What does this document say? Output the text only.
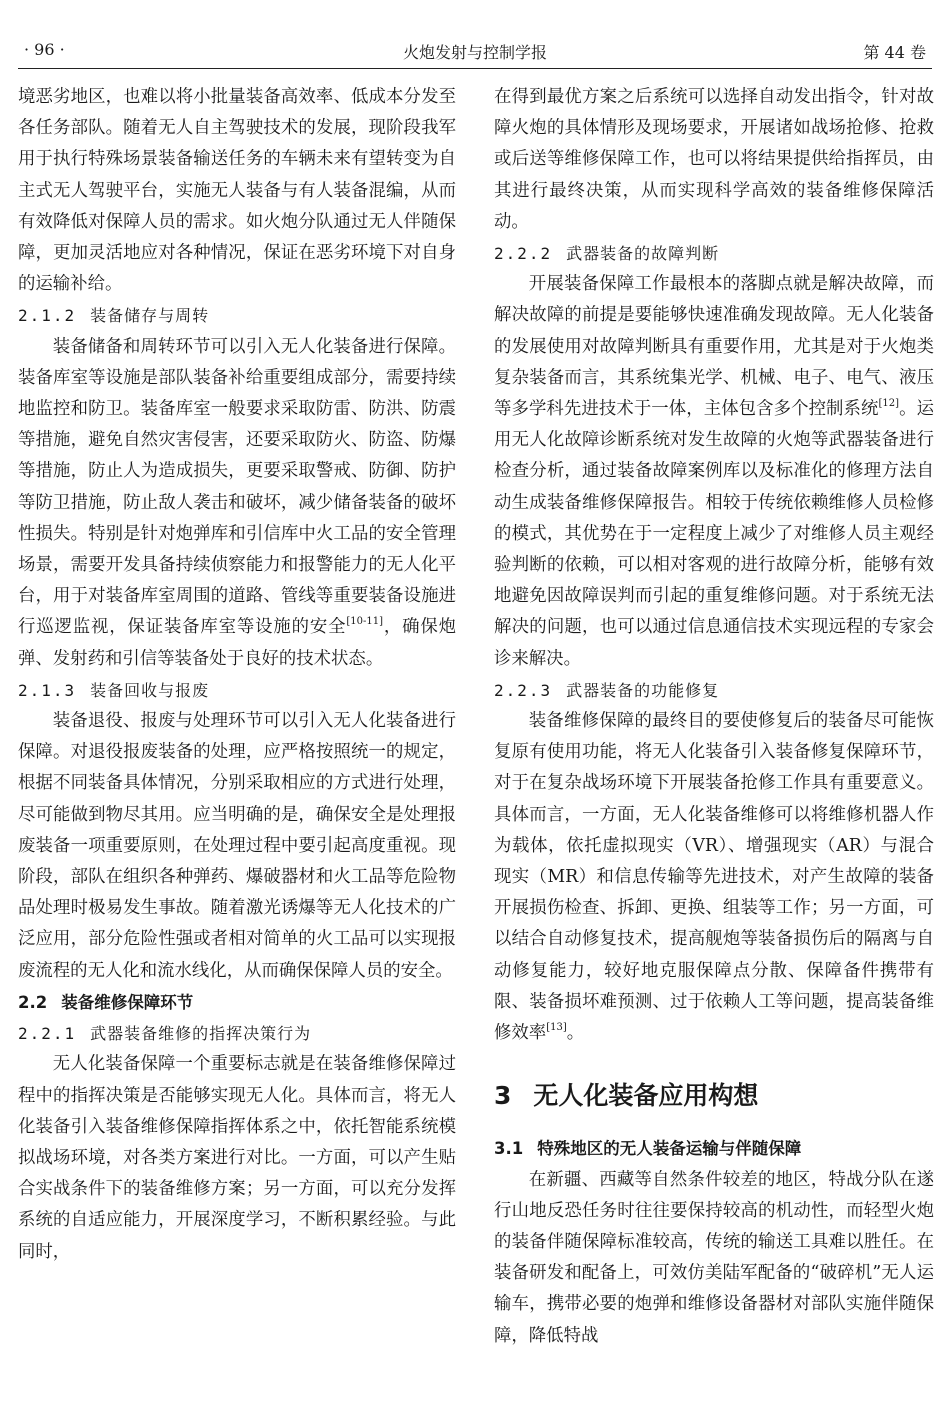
· 96 ·	火炮发射与控制学报	第 44 卷

境恶劣地区，也难以将小批量装备高效率、低成本分发至各任务部队。随着无人自主驾驶技术的发展，现阶段我军用于执行特殊场景装备输送任务的车辆未来有望转变为自主式无人驾驶平台，实施无人装备与有人装备混编，从而有效降低对保障人员的需求。如火炮分队通过无人伴随保障，更加灵活地应对各种情况，保证在恶劣环境下对自身的运输补给。

2.1.2 装备储存与周转

装备储备和周转环节可以引入无人化装备进行保障。装备库室等设施是部队装备补给重要组成部分，需要持续地监控和防卫。装备库室一般要求采取防雷、防洪、防震等措施，避免自然灾害侵害，还要采取防火、防盗、防爆等措施，防止人为造成损失，更要采取警戒、防御、防护等防卫措施，防止敌人袭击和破坏，减少储备装备的破坏性损失。特别是针对炮弹库和引信库中火工品的安全管理场景，需要开发具备持续侦察能力和报警能力的无人化平台，用于对装备库室周围的道路、管线等重要装备设施进行巡逻监视，保证装备库室等设施的安全[10-11]，确保炮弹、发射药和引信等装备处于良好的技术状态。

2.1.3 装备回收与报废

装备退役、报废与处理环节可以引入无人化装备进行保障。对退役报废装备的处理，应严格按照统一的规定，根据不同装备具体情况，分别采取相应的方式进行处理，尽可能做到物尽其用。应当明确的是，确保安全是处理报废装备一项重要原则，在处理过程中要引起高度重视。现阶段，部队在组织各种弹药、爆破器材和火工品等危险物品处理时极易发生事故。随着激光诱爆等无人化技术的广泛应用，部分危险性强或者相对简单的火工品可以实现报废流程的无人化和流水线化，从而确保保障人员的安全。

2.2 装备维修保障环节
2.2.1 武器装备维修的指挥决策行为

无人化装备保障一个重要标志就是在装备维修保障过程中的指挥决策是否能够实现无人化。具体而言，将无人化装备引入装备维修保障指挥体系之中，依托智能系统模拟战场环境，对各类方案进行对比。一方面，可以产生贴合实战条件下的装备维修方案；另一方面，可以充分发挥系统的自适应能力，开展深度学习，不断积累经验。与此同时，

在得到最优方案之后系统可以选择自动发出指令，针对故障火炮的具体情形及现场要求，开展诸如战场抢修、抢救或后送等维修保障工作，也可以将结果提供给指挥员，由其进行最终决策，从而实现科学高效的装备维修保障活动。

2.2.2 武器装备的故障判断

开展装备保障工作最根本的落脚点就是解决故障，而解决故障的前提是要能够快速准确发现故障。无人化装备的发展使用对故障判断具有重要作用，尤其是对于火炮类复杂装备而言，其系统集光学、机械、电子、电气、液压等多学科先进技术于一体，主体包含多个控制系统[12]。运用无人化故障诊断系统对发生故障的火炮等武器装备进行检查分析，通过装备故障案例库以及标准化的修理方法自动生成装备维修保障报告。相较于传统依赖维修人员检修的模式，其优势在于一定程度上减少了对维修人员主观经验判断的依赖，可以相对客观的进行故障分析，能够有效地避免因故障误判而引起的重复维修问题。对于系统无法解决的问题，也可以通过信息通信技术实现远程的专家会诊来解决。

2.2.3 武器装备的功能修复

装备维修保障的最终目的要使修复后的装备尽可能恢复原有使用功能，将无人化装备引入装备修复保障环节，对于在复杂战场环境下开展装备抢修工作具有重要意义。具体而言，一方面，无人化装备维修可以将维修机器人作为载体，依托虚拟现实（VR）、增强现实（AR）与混合现实（MR）和信息传输等先进技术，对产生故障的装备开展损伤检查、拆卸、更换、组装等工作；另一方面，可以结合自动修复技术，提高舰炮等装备损伤后的隔离与自动修复能力，较好地克服保障点分散、保障备件携带有限、装备损坏难预测、过于依赖人工等问题，提高装备维修效率[13]。

3 无人化装备应用构想
3.1 特殊地区的无人装备运输与伴随保障

在新疆、西藏等自然条件较差的地区，特战分队在遂行山地反恐任务时往往要保持较高的机动性，而轻型火炮的装备伴随保障标准较高，传统的输送工具难以胜任。在装备研发和配备上，可效仿美陆军配备的“破碎机”无人运输车，携带必要的炮弹和维修设备器材对部队实施伴随保障，降低特战
